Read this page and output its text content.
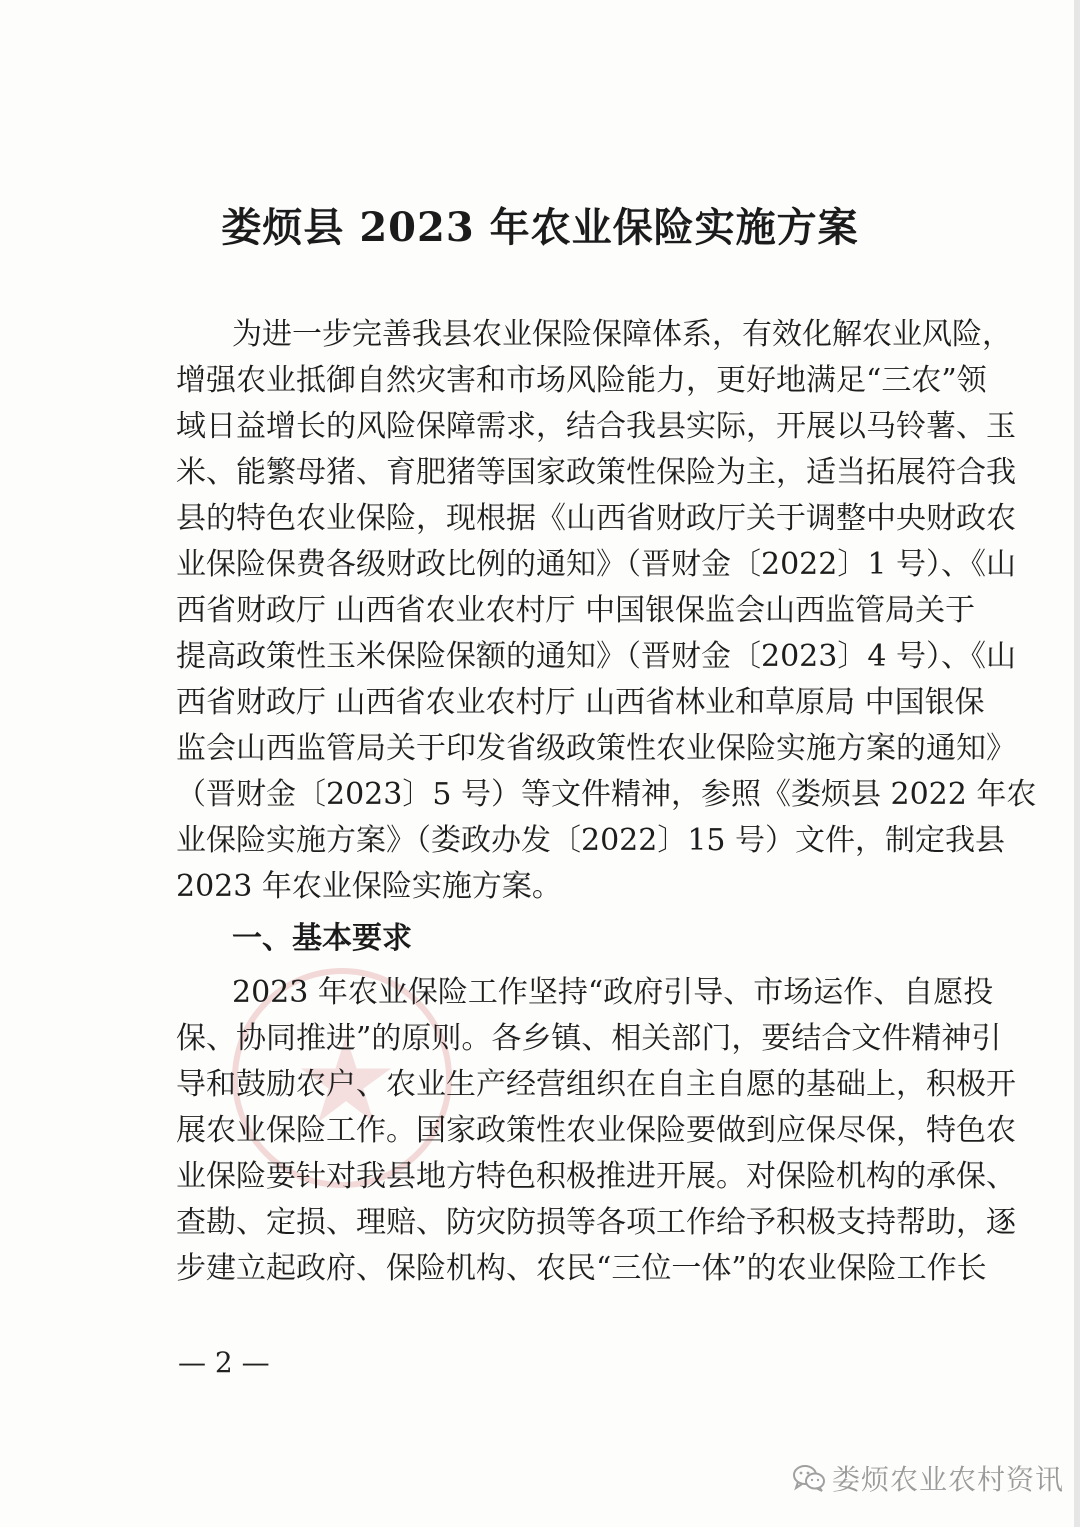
娄烦县 2023 年农业保险实施方案

为进一步完善我县农业保险保障体系，有效化解农业风险，

增强农业抵御自然灾害和市场风险能力，更好地满足“三农”领

域日益增长的风险保障需求，结合我县实际，开展以马铃薯、玉

米、能繁母猪、育肥猪等国家政策性保险为主，适当拓展符合我

县的特色农业保险，现根据《山西省财政厅关于调整中央财政农

业保险保费各级财政比例的通知》（晋财金〔2022〕1 号）、《山

西省财政厅 山西省农业农村厅 中国银保监会山西监管局关于

提高政策性玉米保险保额的通知》（晋财金〔2023〕4 号）、《山

西省财政厅 山西省农业农村厅 山西省林业和草原局 中国银保

监会山西监管局关于印发省级政策性农业保险实施方案的通知》

（晋财金〔2023〕5 号）等文件精神，参照《娄烦县 2022 年农

业保险实施方案》（娄政办发〔2022〕15 号）文件，制定我县

2023 年农业保险实施方案。

一、基本要求

2023 年农业保险工作坚持“政府引导、市场运作、自愿投

保、协同推进”的原则。各乡镇、相关部门，要结合文件精神引

导和鼓励农户、农业生产经营组织在自主自愿的基础上，积极开

展农业保险工作。国家政策性农业保险要做到应保尽保，特色农

业保险要针对我县地方特色积极推进开展。对保险机构的承保、

查勘、定损、理赔、防灾防损等各项工作给予积极支持帮助，逐

步建立起政府、保险机构、农民“三位一体”的农业保险工作长

— 2 —
娄烦农业农村资讯
